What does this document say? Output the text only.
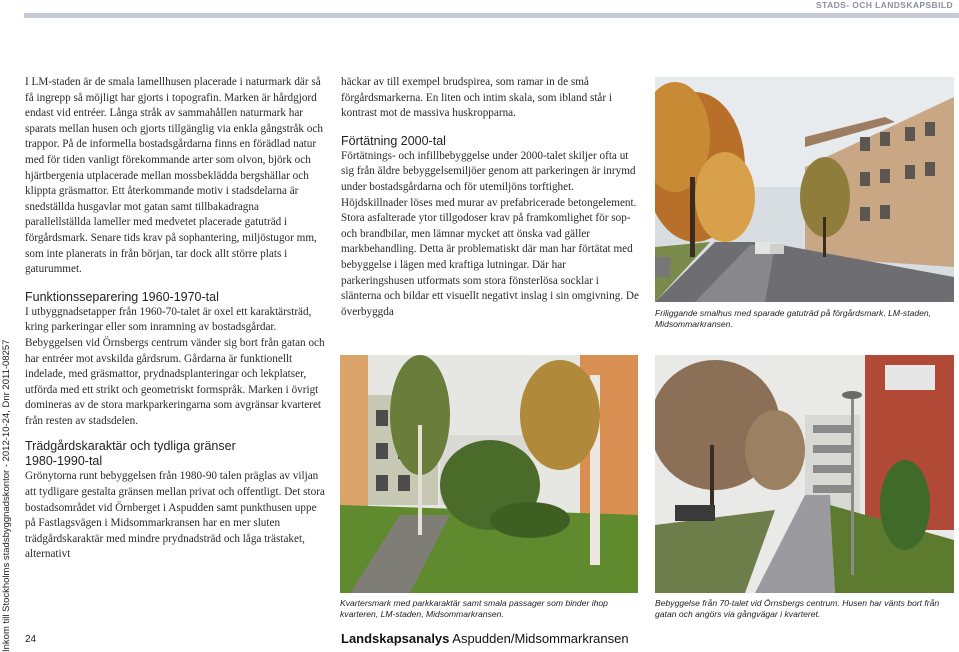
STADS- OCH LANDSKAPSBILD
Inkom till Stockholms stadsbyggnadskontor - 2012-10-24, Dnr 2011-08257

I LM-staden är de smala lamellhusen placerade i naturmark där så få ingrepp så möjligt har gjorts i topografin. Marken är hårdgjord endast vid entréer. Långa stråk av sammahållen naturmark har sparats mellan husen och gjorts tillgänglig via enkla gångstråk och trappor. På de informella bostadsgårdarna finns en förädlad natur med för tiden vanligt förekommande arter som olvon, björk och hjärtbergenia utplacerade mellan mossbeklädda bergshällar och klippta gräsmattor. Ett återkommande motiv i stadsdelarna är snedställda husgavlar mot gatan samt tillbakadragna parallellställda lameller med medvetet placerade gatuträd i förgårdsmark. Senare tids krav på sophantering, miljöstugor mm, som inte planerats in från början, tar dock allt större plats i gaturummet.

Funktionsseparering 1960-1970-tal

I utbyggnadsetapper från 1960-70-talet är oxel ett karaktärsträd, kring parkeringar eller som inramning av bostadsgårdar. Bebyggelsen vid Örnsbergs centrum vänder sig bort från gatan och har entréer mot avskilda gårdsrum. Gårdarna är funktionellt indelade, med gräsmattor, prydnadsplanteringar och lekplatser, utförda med ett strikt och geometriskt formspråk. Marken i övrigt domineras av de stora markparkeringarna som avgränsar kvarteret från resten av stadsdelen.

Trädgårdskaraktär och tydliga gränser
1980-1990-tal

Grönytorna runt bebyggelsen från 1980-90 talen präglas av viljan att tydligare gestalta gränsen mellan privat och offentligt. Det stora bostadsområdet vid Örnberget i Aspudden samt punkthusen uppe på Fastlagsvägen i Midsommarkransen har en mer sluten trädgårdskaraktär med mindre prydnadsträd och låga trästaket, alternativt

häckar av till exempel brudspirea, som ramar in de små förgårdsmarkerna. En liten och intim skala, som ibland står i kontrast mot de massiva huskropparna.

Förtätning 2000-tal

Förtätnings- och infillbebyggelse under 2000-talet skiljer ofta ut sig från äldre bebyggelsemiljöer genom att parkeringen är inrymd under bostadsgårdarna och för utemiljöns torftighet. Höjdskillnader löses med murar av prefabricerade betongelement. Stora asfalterade ytor tillgodoser krav på framkomlighet för sop- och brandbilar, men lämnar mycket att önska vad gäller markbehandling. Detta är problematiskt där man har förtätat med bebyggelse i lägen med kraftiga lutningar. Där har parkeringshusen utformats som stora fönsterlösa socklar i slänterna och bildar ett visuellt negativt inslag i sin omgivning. De överbyggda	Friliggande smalhus med sparade gatuträd på förgårdsmark, LM-staden, Midsommarkransen.
Kvartersmark med parkkaraktär samt smala passager som binder ihop kvarteren, LM-staden, Midsommarkransen.
Bebyggelse från 70-talet vid Örnsbergs centrum. Husen har vänts bort från gatan och angörs via gångvägar i kvarteret.
24	Landskapsanalys Aspudden/Midsommarkransen
